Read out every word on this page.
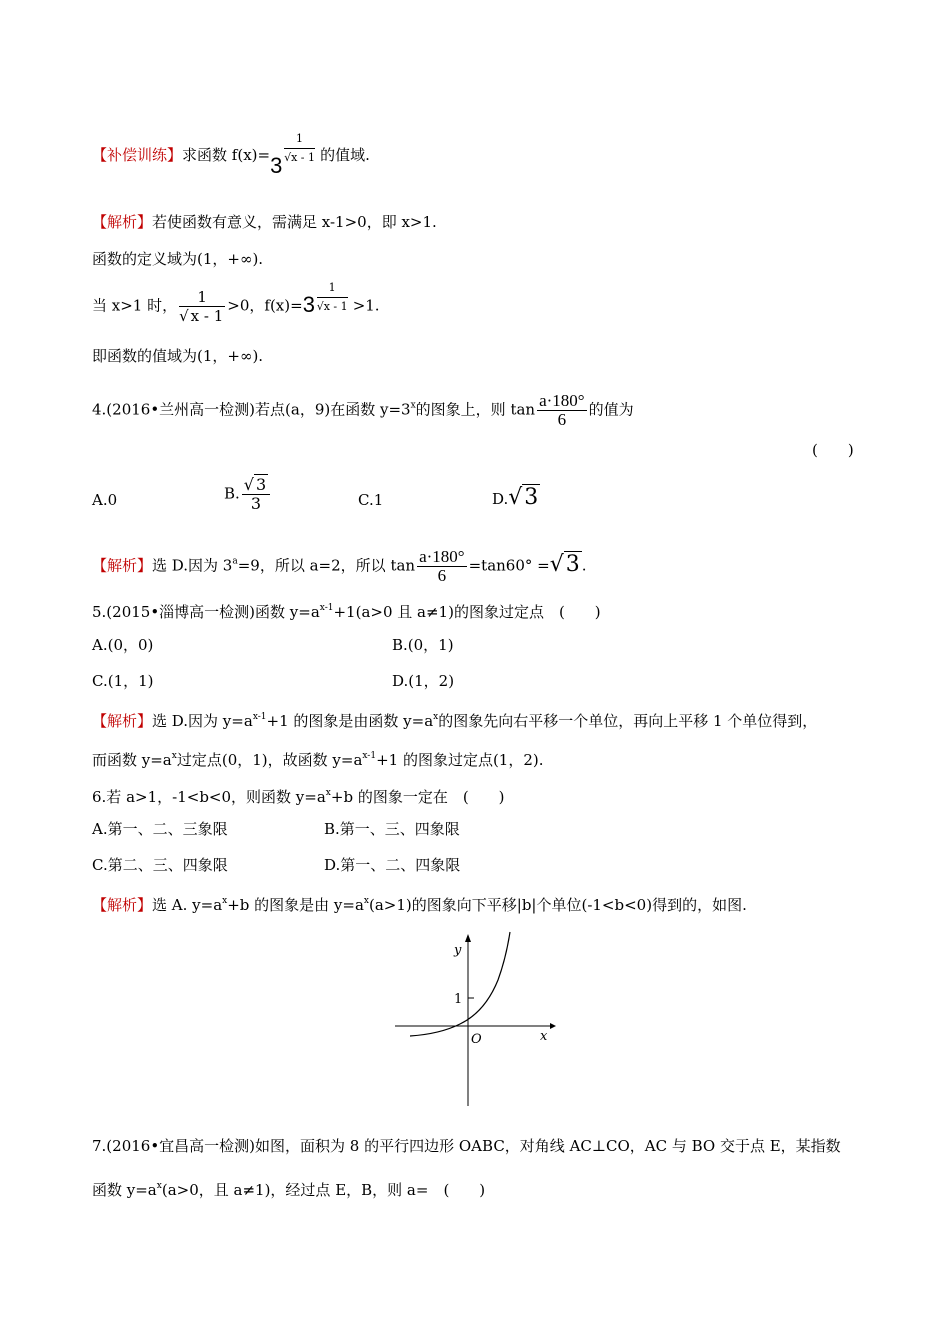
【补偿训练】求函数 $f(x)= 3 \frac{1}{√x - 1}$ 的值域.
【解析】若使函数有意义，需满足 x-1>0，即 x>1.
函数的定义域为(1，+∞).
当 x>1 时， $\frac{1}{√ x - 1} >0$，$f(x)= 3 \frac{1}{√x - 1} >1$.
即函数的值域为(1，+∞).
4.(2016•兰州高一检测)若点(a，9)在函数 $y=3^x$的图象上，则 $\tan \frac{a\cdot 180^\circ}{6}$ 的值为
(　　)
A.0	B. $\frac{√ 3}{3}$	C.1	D.√3
【解析】选 D.因为 $3^a=9$，所以 a=2，所以 $\tan \frac{a\cdot 180^\circ}{6} =\tan 60^\circ =√3$ .
5.(2015•淄博高一检测)函数 $y=a^{x-1}+1(a>0$ 且 a≠1)的图象过定点　(　　)
A.(0，0)	B.(0，1)
C.(1，1)	D.(1，2)
【解析】选 D.因为 $y=a^{x-1}+1$ 的图象是由函数 $y=a^x$的图象先向右平移一个单位，再向上平移 1 个单位得到，
而函数 $y=a^x$过定点(0，1)，故函数 $y=a^{x-1}+1$ 的图象过定点(1，2).
6.若 a>1，-1<b<0，则函数 $y=a^x+b$ 的图象一定在　(　　)
A.第一、二、三象限	B.第一、三、四象限
C.第二、三、四象限	D.第一、二、四象限
【解析】选 A. $y=a^x+b$ 的图象是由 $y=a^x(a>1)$的图象向下平移|b|个单位(-1<b<0)得到的，如图.
y
x
O
1
7.(2016•宜昌高一检测)如图，面积为 8 的平行四边形 OABC，对角线 AC⊥CO，AC 与 BO 交于点 E，某指数
函数 $y=a^x(a>0$，且 a≠1)，经过点 E，B，则 a=　(　　)
